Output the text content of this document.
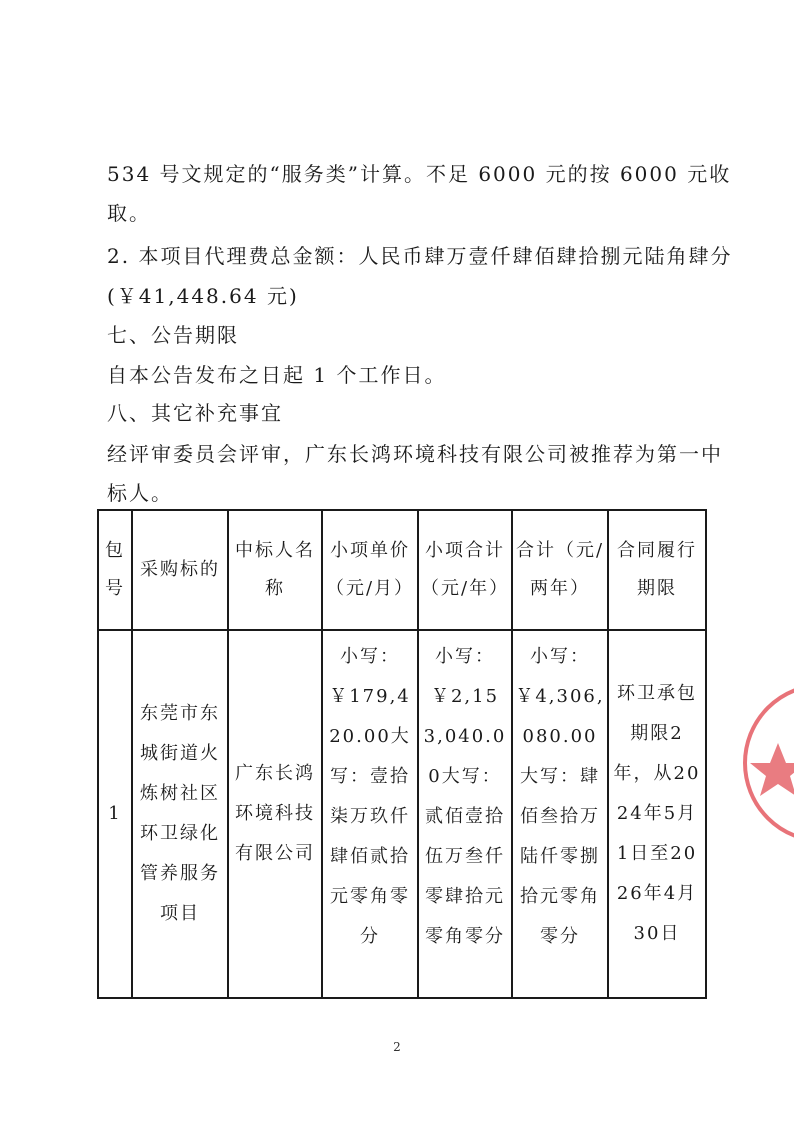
534 号文规定的“服务类”计算。不足 6000 元的按 6000 元收
取。
2. 本项目代理费总金额：人民币肆万壹仟肆佰肆拾捌元陆角肆分
(￥41,448.64 元)
七、公告期限
自本公告发布之日起 1 个工作日。
八、其它补充事宜
经评审委员会评审，广东长鸿环境科技有限公司被推荐为第一中
标人。
包号	采购标的	中标人名称	小项单价（元/月）	小项合计（元/年）	合计（元/两年）	合同履行期限

1	东莞市东城街道火炼树社区环卫绿化管养服务项目	广东长鸿环境科技有限公司	小写：￥179,420.00大写：壹拾柒万玖仟肆佰贰拾元零角零分	小写：￥2,153,040.00大写：贰佰壹拾伍万叁仟零肆拾元零角零分	小写：￥4,306,080.00大写：肆佰叁拾万陆仟零捌拾元零角零分	环卫承包期限2年，从2024年5月1日至2026年4月30日
2
